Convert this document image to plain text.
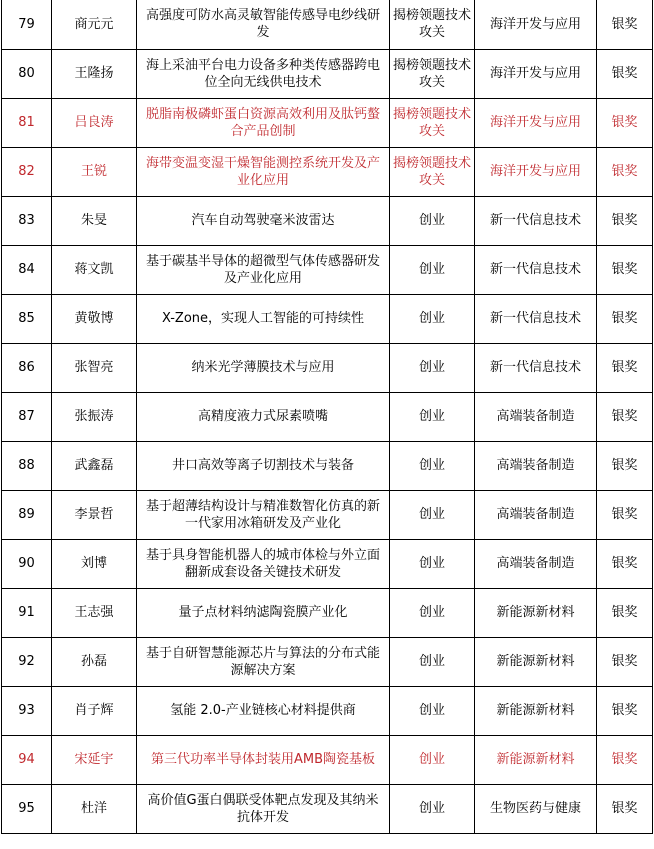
79	商元元	高强度可防水高灵敏智能传感导电纱线研发	揭榜领题技术攻关	海洋开发与应用	银奖
80	王隆扬	海上采油平台电力设备多种类传感器跨电位全向无线供电技术	揭榜领题技术攻关	海洋开发与应用	银奖
81	吕良涛	脱脂南极磷虾蛋白资源高效利用及肽钙螯合产品创制	揭榜领题技术攻关	海洋开发与应用	银奖
82	王锐	海带变温变湿干燥智能测控系统开发及产业化应用	揭榜领题技术攻关	海洋开发与应用	银奖
83	朱旻	汽车自动驾驶毫米波雷达	创业	新一代信息技术	银奖
84	蒋文凯	基于碳基半导体的超微型气体传感器研发及产业化应用	创业	新一代信息技术	银奖
85	黄敬博	X-Zone，实现人工智能的可持续性	创业	新一代信息技术	银奖
86	张智亮	纳米光学薄膜技术与应用	创业	新一代信息技术	银奖
87	张振涛	高精度液力式尿素喷嘴	创业	高端装备制造	银奖
88	武鑫磊	井口高效等离子切割技术与装备	创业	高端装备制造	银奖
89	李景哲	基于超薄结构设计与精准数智化仿真的新一代家用冰箱研发及产业化	创业	高端装备制造	银奖
90	刘博	基于具身智能机器人的城市体检与外立面翻新成套设备关键技术研发	创业	高端装备制造	银奖
91	王志强	量子点材料纳滤陶瓷膜产业化	创业	新能源新材料	银奖
92	孙磊	基于自研智慧能源芯片与算法的分布式能源解决方案	创业	新能源新材料	银奖
93	肖子辉	氢能 2.0-产业链核心材料提供商	创业	新能源新材料	银奖
94	宋延宇	第三代功率半导体封装用AMB陶瓷基板	创业	新能源新材料	银奖
95	杜洋	高价值G蛋白偶联受体靶点发现及其纳米抗体开发	创业	生物医药与健康	银奖
